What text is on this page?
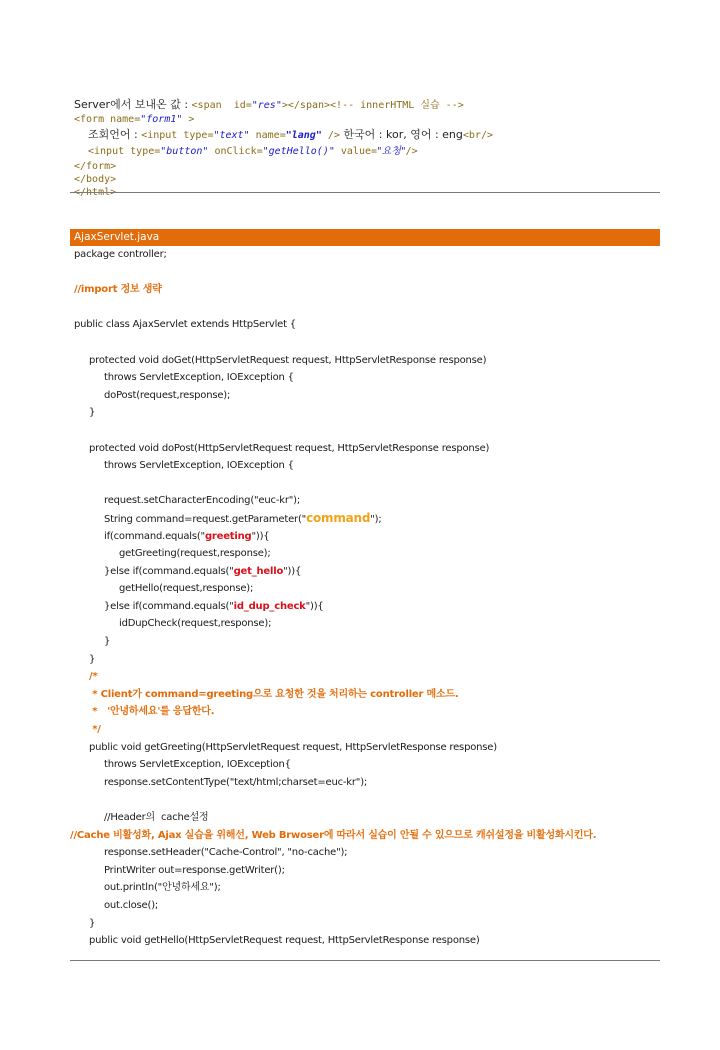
Server에서 보내온 값 : <span  id="res"></span><!-- innerHTML 실습 -->
<form name="form1" >
조회언어 : <input type="text" name="lang" /> 한국어 : kor, 영어 : eng<br/>
<input type="button" onClick="getHello()" value="요청"/>
</form>
</body>
</html>
AjaxServlet.java
package controller;
//import 정보 생략
public class AjaxServlet extends HttpServlet {
protected void doGet(HttpServletRequest request, HttpServletResponse response)
throws ServletException, IOException {
doPost(request,response);
}
protected void doPost(HttpServletRequest request, HttpServletResponse response)
throws ServletException, IOException {
request.setCharacterEncoding("euc-kr");
String command=request.getParameter("command");
if(command.equals("greeting")){
getGreeting(request,response);
}else if(command.equals("get_hello")){
getHello(request,response);
}else if(command.equals("id_dup_check")){
idDupCheck(request,response);
}
}
/*
* Client가 command=greeting으로 요청한 것을 처리하는 controller 메소드.
*   '안녕하세요'를 응답한다.
*/
public void getGreeting(HttpServletRequest request, HttpServletResponse response)
throws ServletException, IOException{
response.setContentType("text/html;charset=euc-kr");
//Header의  cache설정
//Cache 비활성화, Ajax 실습을 위해선, Web Brwoser에 따라서 실습이 안될 수 있으므로 캐쉬설정을 비활성화시킨다.
response.setHeader("Cache-Control", "no-cache");
PrintWriter out=response.getWriter();
out.println("안녕하세요");
out.close();
}
public void getHello(HttpServletRequest request, HttpServletResponse response)
